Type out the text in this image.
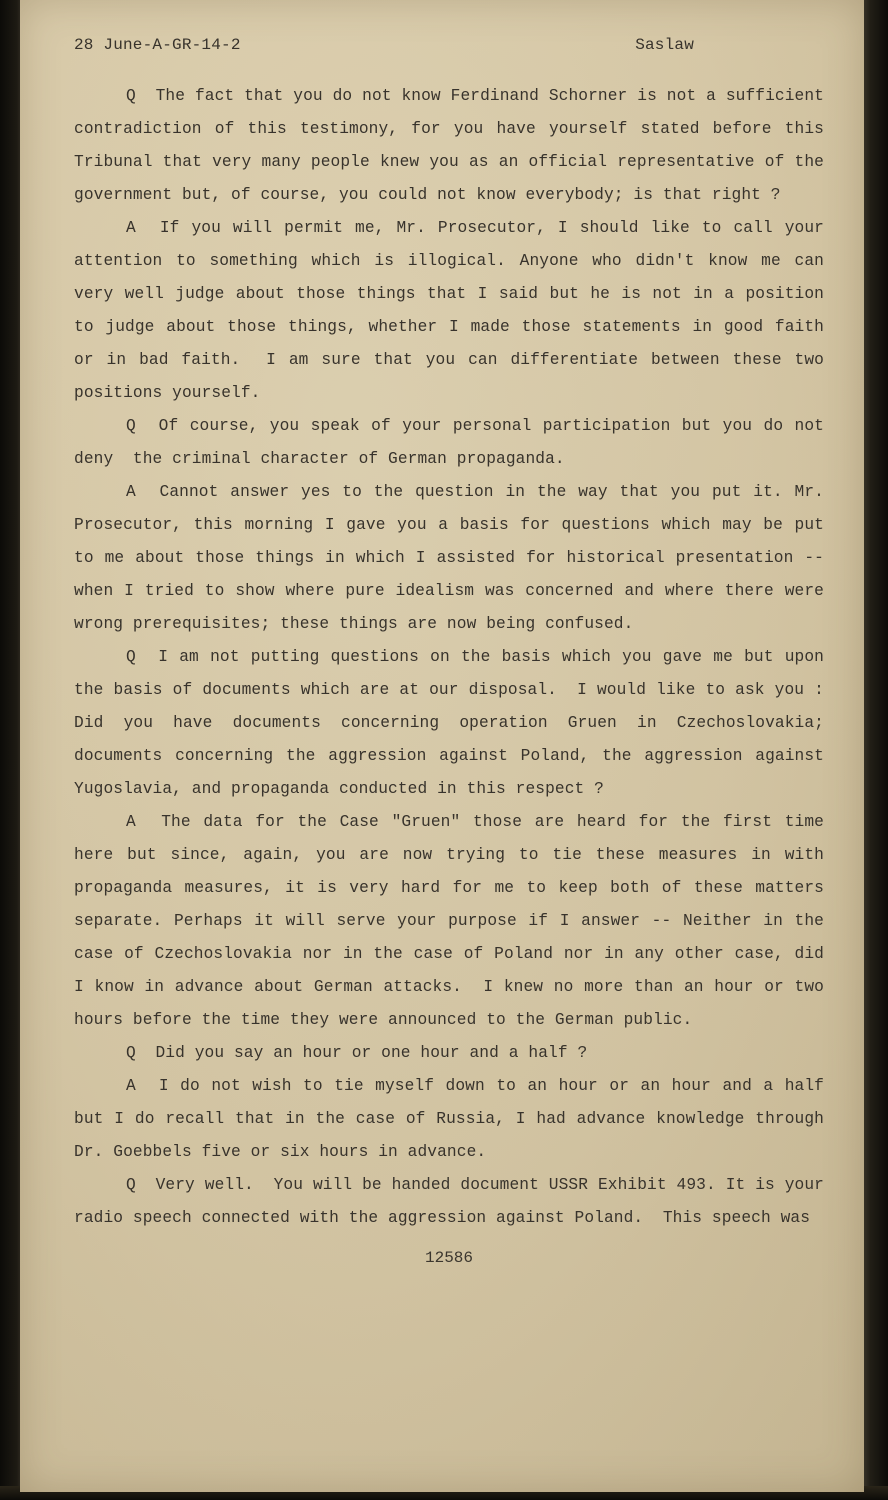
28 June-A-GR-14-2	Saslaw

Q  The fact that you do not know Ferdinand Schorner is not a sufficient contradiction of this testimony, for you have yourself stated before this Tribunal that very many people knew you as an official representative of the government but, of course, you could not know everybody; is that right ?

A  If you will permit me, Mr. Prosecutor, I should like to call your attention to something which is illogical. Anyone who didn't know me can very well judge about those things that I said but he is not in a position to judge about those things, whether I made those statements in good faith or in bad faith.  I am sure that you can differentiate between these two positions yourself.

Q  Of course, you speak of your personal participation but you do not deny  the criminal character of German propaganda.

A  Cannot answer yes to the question in the way that you put it. Mr. Prosecutor, this morning I gave you a basis for questions which may be put to me about those things in which I assisted for historical presentation -- when I tried to show where pure idealism was concerned and where there were wrong prerequisites; these things are now being confused.

Q  I am not putting questions on the basis which you gave me but upon the basis of documents which are at our disposal.  I would like to ask you : Did you have documents concerning operation Gruen in Czechoslovakia; documents concerning the aggression against Poland, the aggression against Yugoslavia, and propaganda conducted in this respect ?

A  The data for the Case "Gruen" those are heard for the first time here but since, again, you are now trying to tie these measures in with propaganda measures, it is very hard for me to keep both of these matters separate. Perhaps it will serve your purpose if I answer -- Neither in the case of Czechoslovakia nor in the case of Poland nor in any other case, did I know in advance about German attacks.  I knew no more than an hour or two hours before the time they were announced to the German public.

Q  Did you say an hour or one hour and a half ?

A  I do not wish to tie myself down to an hour or an hour and a half but I do recall that in the case of Russia, I had advance knowledge through Dr. Goebbels five or six hours in advance.

Q  Very well.  You will be handed document USSR Exhibit 493. It is your radio speech connected with the aggression against Poland.  This speech was

12586
